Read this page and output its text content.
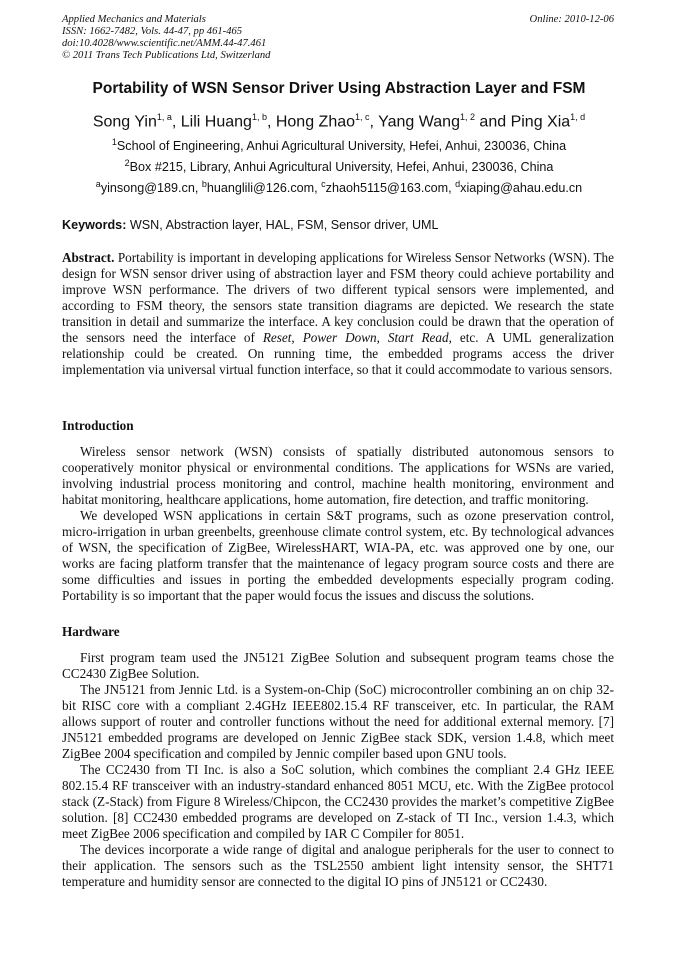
Applied Mechanics and Materials
ISSN: 1662-7482, Vols. 44-47, pp 461-465
doi:10.4028/www.scientific.net/AMM.44-47.461
© 2011 Trans Tech Publications Ltd, Switzerland
Online: 2010-12-06
Portability of WSN Sensor Driver Using Abstraction Layer and FSM
Song Yin$^{1, a}$, Lili Huang$^{1, b}$, Hong Zhao$^{1, c}$, Yang Wang$^{1, 2}$ and Ping Xia$^{1, d}$
$^1$School of Engineering, Anhui Agricultural University, Hefei, Anhui, 230036, China
$^2$Box #215, Library, Anhui Agricultural University, Hefei, Anhui, 230036, China
$^a$yinsong@189.cn, $^b$huanglili@126.com, $^c$zhaoh5115@163.com, $^d$xiaping@ahau.edu.cn
Keywords: WSN, Abstraction layer, HAL, FSM, Sensor driver, UML

Abstract. Portability is important in developing applications for Wireless Sensor Networks (WSN). The design for WSN sensor driver using of abstraction layer and FSM theory could achieve portability and improve WSN performance. The drivers of two different typical sensors were implemented, and according to FSM theory, the sensors state transition diagrams are depicted. We research the state transition in detail and summarize the interface. A key conclusion could be drawn that the operation of the sensors need the interface of Reset, Power Down, Start Read, etc. A UML generalization relationship could be created. On running time, the embedded programs access the driver implementation via universal virtual function interface, so that it could accommodate to various sensors.

Introduction

Wireless sensor network (WSN) consists of spatially distributed autonomous sensors to cooperatively monitor physical or environmental conditions. The applications for WSNs are varied, involving industrial process monitoring and control, machine health monitoring, environment and habitat monitoring, healthcare applications, home automation, fire detection, and traffic monitoring.

We developed WSN applications in certain S&T programs, such as ozone preservation control, micro-irrigation in urban greenbelts, greenhouse climate control system, etc. By technological advances of WSN, the specification of ZigBee, WirelessHART, WIA-PA, etc. was approved one by one, our works are facing platform transfer that the maintenance of legacy program source costs and there are some difficulties and issues in porting the embedded developments especially program coding. Portability is so important that the paper would focus the issues and discuss the solutions.

Hardware

First program team used the JN5121 ZigBee Solution and subsequent program teams chose the CC2430 ZigBee Solution.

The JN5121 from Jennic Ltd. is a System-on-Chip (SoC) microcontroller combining an on chip 32-bit RISC core with a compliant 2.4GHz IEEE802.15.4 RF transceiver, etc. In particular, the RAM allows support of router and controller functions without the need for additional external memory. [7] JN5121 embedded programs are developed on Jennic ZigBee stack SDK, version 1.4.8, which meet ZigBee 2004 specification and compiled by Jennic compiler based upon GNU tools.

The CC2430 from TI Inc. is also a SoC solution, which combines the compliant 2.4 GHz IEEE 802.15.4 RF transceiver with an industry-standard enhanced 8051 MCU, etc. With the ZigBee protocol stack (Z-Stack) from Figure 8 Wireless/Chipcon, the CC2430 provides the market’s competitive ZigBee solution. [8] CC2430 embedded programs are developed on Z-stack of TI Inc., version 1.4.3, which meet ZigBee 2006 specification and compiled by IAR C Compiler for 8051.

The devices incorporate a wide range of digital and analogue peripherals for the user to connect to their application. The sensors such as the TSL2550 ambient light intensity sensor, the SHT71 temperature and humidity sensor are connected to the digital IO pins of JN5121 or CC2430.
